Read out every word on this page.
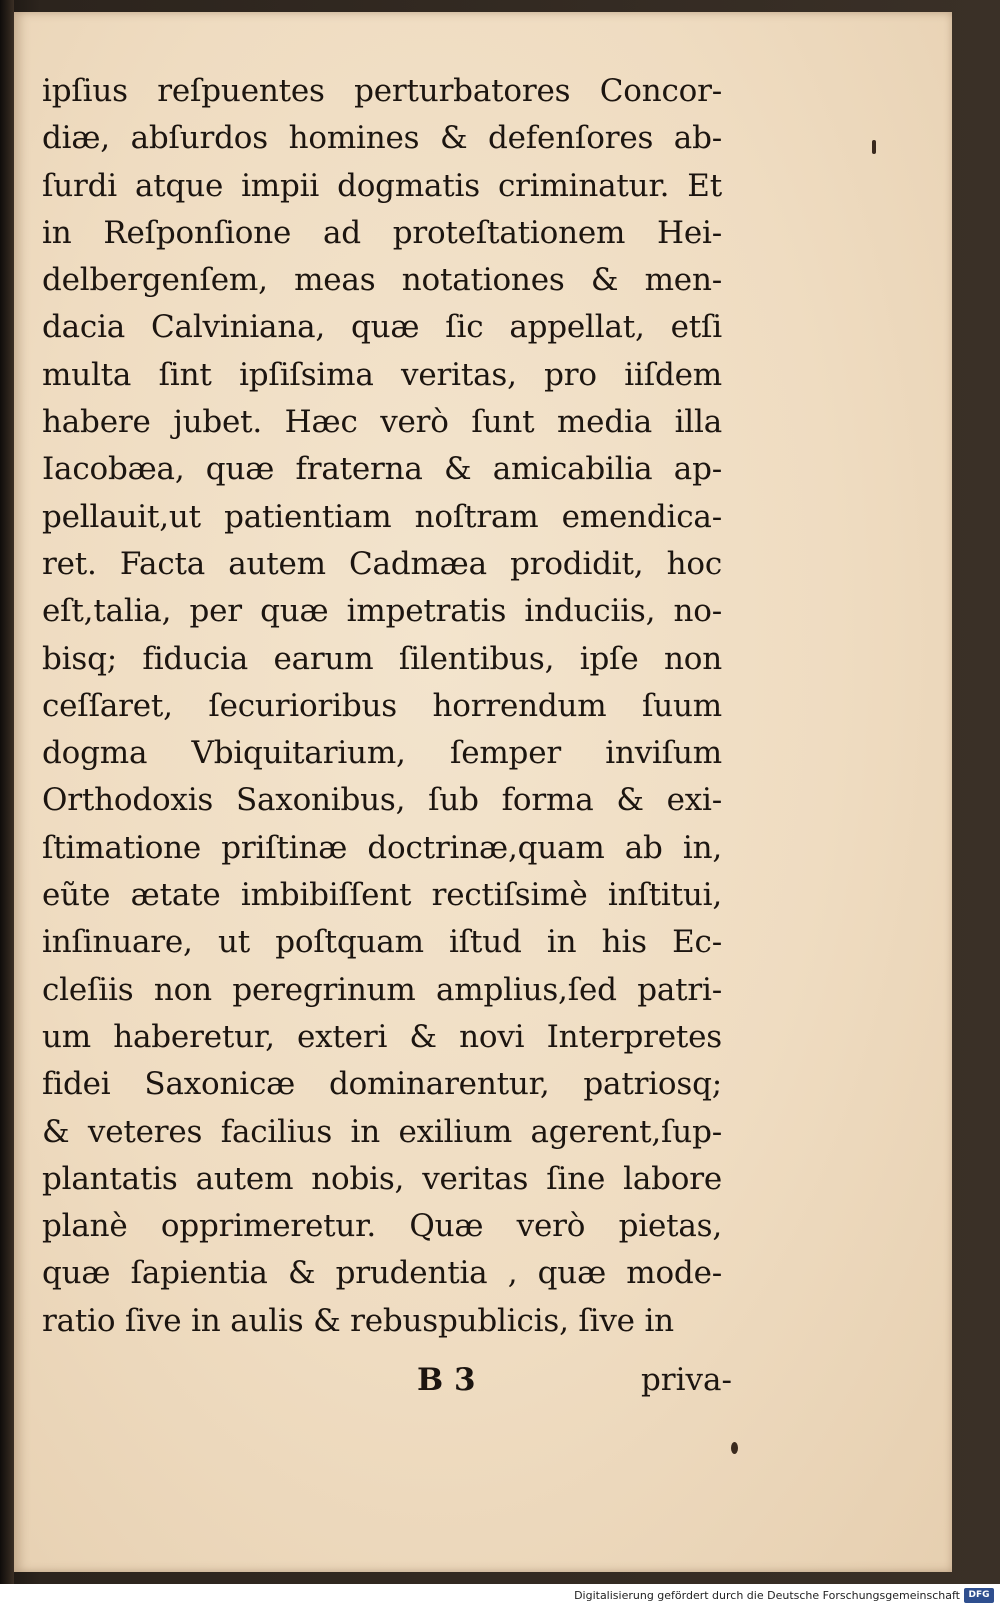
ipſius reſpuentes perturbatores Concor-
diæ, abſurdos homines & defenſores ab-
ſurdi atque impii dogmatis criminatur. Et
in Reſponſione ad proteſtationem Hei-
delbergenſem, meas notationes & men-
dacia Calviniana, quæ ſic appellat, etſi
multa ſint ipſiſsima veritas, pro iiſdem
habere jubet. Hæc verò ſunt media illa
Iacobæa, quæ fraterna & amicabilia ap-
pellauit,ut patientiam noſtram emendica-
ret. Facta autem Cadmæa prodidit, hoc
eſt,talia, per quæ impetratis induciis, no-
bisq; fiducia earum ſilentibus, ipſe non
ceſſaret, ſecurioribus horrendum ſuum
dogma Vbiquitarium, ſemper inviſum
Orthodoxis Saxonibus, ſub forma & exi-
ſtimatione priſtinæ doctrinæ,quam ab in,
eũte ætate imbibiſſent rectiſsimè inſtitui,
inſinuare, ut poſtquam iſtud in his Ec-
cleſiis non peregrinum amplius,ſed patri-
um haberetur, exteri & novi Interpretes
fidei Saxonicæ dominarentur, patriosq;
& veteres facilius in exilium agerent,ſup-
plantatis autem nobis, veritas ſine labore
planè opprimeretur. Quæ verò pietas,
quæ ſapientia & prudentia , quæ mode-
ratio ſive in aulis & rebuspublicis, ſive in
B 3	priva-
Digitalisierung gefördert durch die Deutsche Forschungsgemeinschaft DFG
